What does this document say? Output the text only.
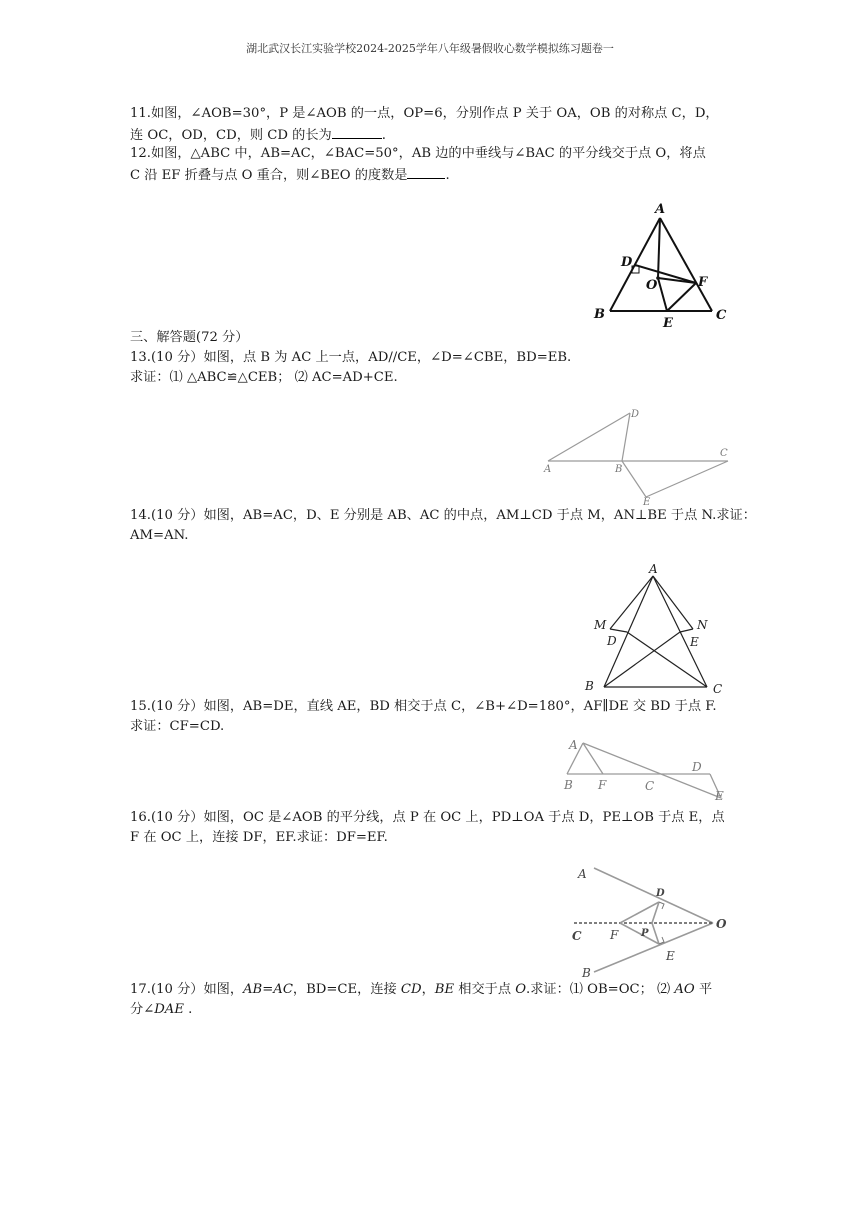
湖北武汉长江实验学校2024-2025学年八年级暑假收心数学模拟练习题卷一
11.如图，∠AOB=30°，P 是∠AOB 的一点，OP=6，分别作点 P 关于 OA，OB 的对称点 C，D，
连 OC，OD，CD，则 CD 的长为	.
12.如图，△ABC 中，AB=AC，∠BAC=50°，AB 边的中垂线与∠BAC 的平分线交于点 O，将点
C 沿 EF 折叠与点 O 重合，则∠BEO 的度数是	.
A
B	C
D
E
F
O
三、解答题(72 分）
13.(10 分）如图，点 B 为 AC 上一点，AD//CE，∠D=∠CBE，BD=EB.
求证：⑴ △ABC≌△CEB； ⑵ AC=AD+CE.
A	B
C
D
E
14.(10 分）如图，AB=AC，D、E 分别是 AB、AC 的中点，AM⊥CD 于点 M，AN⊥BE 于点 N.求证：
AM=AN.
A
B	C
D	E
M	N
15.(10 分）如图，AB=DE，直线 AE，BD 相交于点 C，∠B+∠D=180°，AF∥DE 交 BD 于点 F.
求证：CF=CD.
A
B	C
D
E
F
16.(10 分）如图，OC 是∠AOB 的平分线，点 P 在 OC 上，PD⊥OA 于点 D，PE⊥OB 于点 E，点
F 在 OC 上，连接 DF，EF.求证：DF=EF.
A
B
C
D
E
F P
O
17.(10 分）如图，AB=AC，BD=CE，连接 CD，BE 相交于点 O.求证：⑴ OB=OC； ⑵ AO 平
分∠DAE .
